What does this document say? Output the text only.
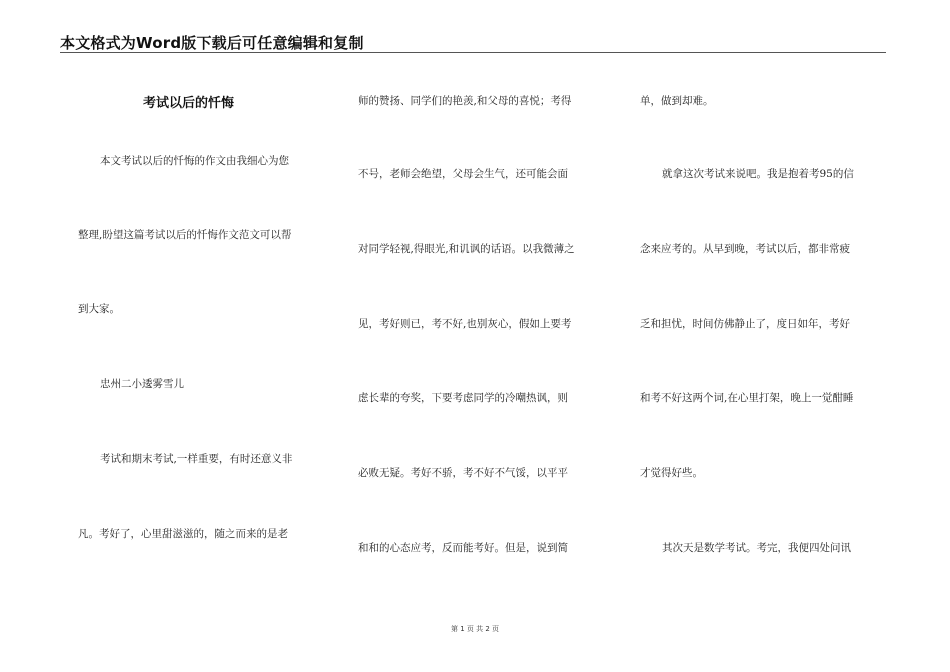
本文格式为Word版下载后可任意编辑和复制
考试以后的忏悔
本文考试以后的忏悔的作文由我细心为您
整理,盼望这篇考试以后的忏悔作文范文可以帮
到大家。
忠州二小逶雾雪儿
考试和期末考试,一样重要，有时还意义非
凡。考好了，心里甜滋滋的，随之而来的是老
师的赞扬、同学们的艳羡,和父母的喜悦；考得
不号，老师会绝望，父母会生气，还可能会面
对同学轻视,得眼光,和讥讽的话语。以我微薄之
见，考好则已，考不好,也别灰心，假如上要考
虑长辈的夸奖，下要考虑同学的冷嘲热讽，则
必败无疑。考好不骄，考不好不气馁，以平平
和和的心态应考，反而能考好。但是，说到简
单，做到却难。
就拿这次考试来说吧。我是抱着考95的信
念来应考的。从早到晚，考试以后，都非常疲
乏和担忧，时间仿佛静止了，度日如年，考好
和考不好这两个词,在心里打架，晚上一觉酣睡
才觉得好些。
其次天是数学考试。考完，我便四处问讯
第 1 页 共 2 页
